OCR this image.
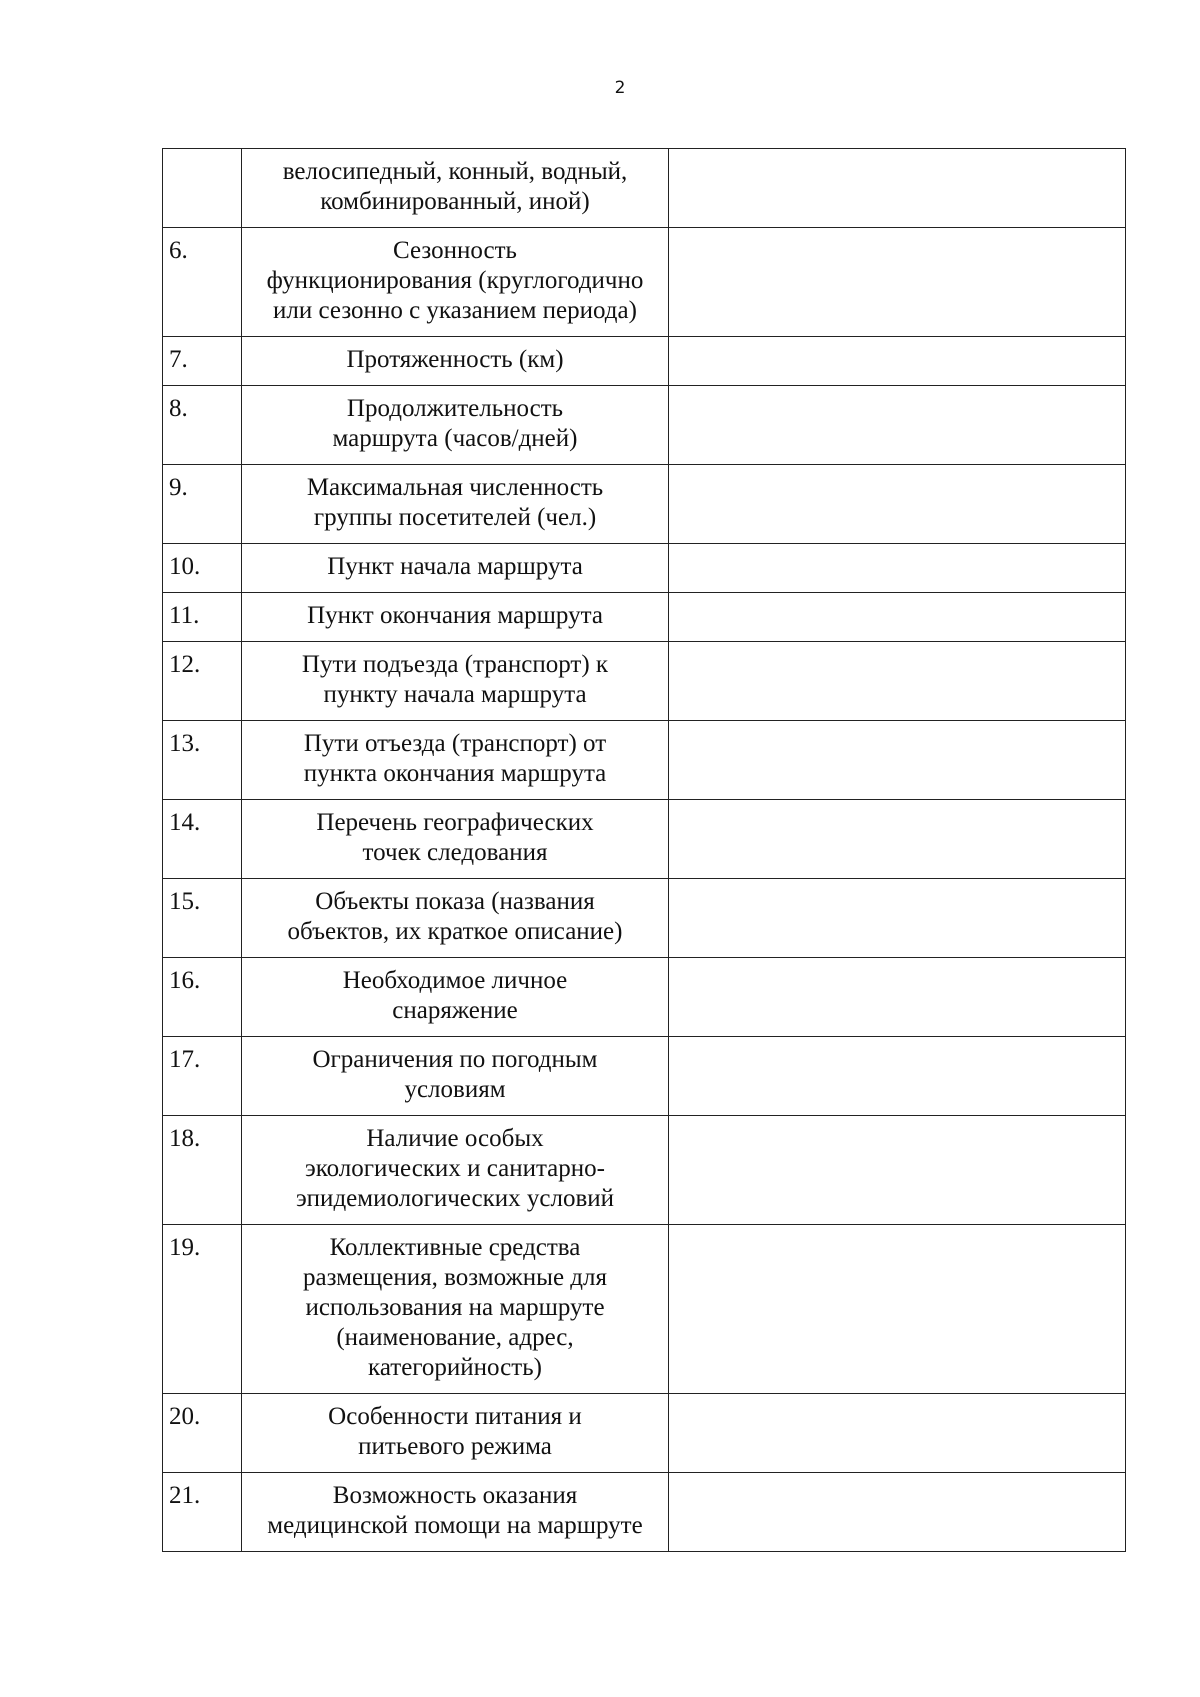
2

	велосипедный, конный, водный,
комбинированный, иной)	

6.	Сезонность
функционирования (круглогодично
или сезонно с указанием периода)	

7.	Протяженность (км)	

8.	Продолжительность
маршрута (часов/дней)	

9.	Максимальная численность
группы посетителей (чел.)	

10.	Пункт начала маршрута	

11.	Пункт окончания маршрута	

12.	Пути подъезда (транспорт) к
пункту начала маршрута	

13.	Пути отъезда (транспорт) от
пункта окончания маршрута	

14.	Перечень географических
точек следования	

15.	Объекты показа (названия
объектов, их краткое описание)	

16.	Необходимое личное
снаряжение	

17.	Ограничения по погодным
условиям	

18.	Наличие особых
экологических и санитарно-
эпидемиологических условий	

19.	Коллективные средства
размещения, возможные для
использования на маршруте
(наименование, адрес,
категорийность)	

20.	Особенности питания и
питьевого режима	

21.	Возможность оказания
медицинской помощи на маршруте	
